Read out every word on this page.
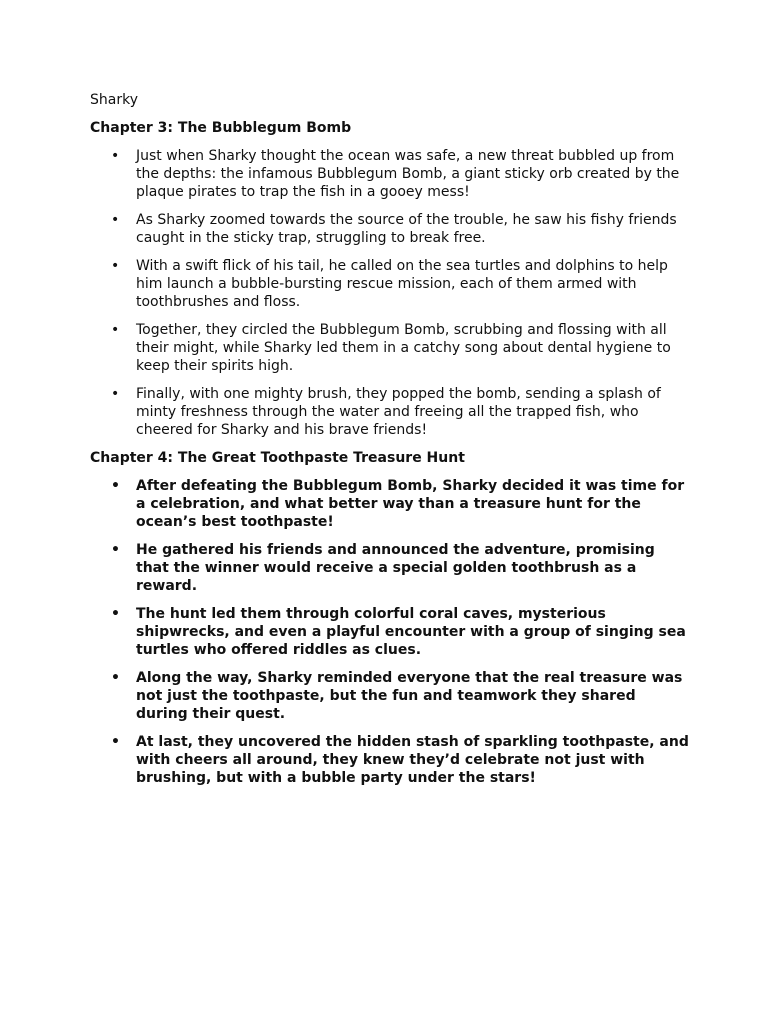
Sharky
Chapter 3: The Bubblegum Bomb
• Just when Sharky thought the ocean was safe, a new threat bubbled up from the depths: the infamous Bubblegum Bomb, a giant sticky orb created by the plaque pirates to trap the fish in a gooey mess!
• As Sharky zoomed towards the source of the trouble, he saw his fishy friends caught in the sticky trap, struggling to break free.
• With a swift flick of his tail, he called on the sea turtles and dolphins to help him launch a bubble-bursting rescue mission, each of them armed with toothbrushes and floss.
• Together, they circled the Bubblegum Bomb, scrubbing and flossing with all their might, while Sharky led them in a catchy song about dental hygiene to keep their spirits high.
• Finally, with one mighty brush, they popped the bomb, sending a splash of minty freshness through the water and freeing all the trapped fish, who cheered for Sharky and his brave friends!
Chapter 4: The Great Toothpaste Treasure Hunt
• After defeating the Bubblegum Bomb, Sharky decided it was time for a celebration, and what better way than a treasure hunt for the ocean’s best toothpaste!
• He gathered his friends and announced the adventure, promising that the winner would receive a special golden toothbrush as a reward.
• The hunt led them through colorful coral caves, mysterious shipwrecks, and even a playful encounter with a group of singing sea turtles who offered riddles as clues.
• Along the way, Sharky reminded everyone that the real treasure was not just the toothpaste, but the fun and teamwork they shared during their quest.
• At last, they uncovered the hidden stash of sparkling toothpaste, and with cheers all around, they knew they’d celebrate not just with brushing, but with a bubble party under the stars!
